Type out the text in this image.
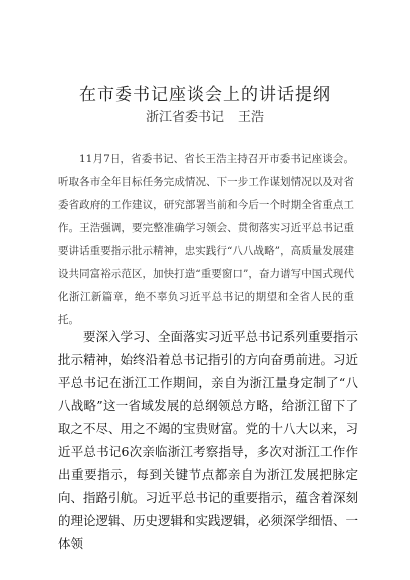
在市委书记座谈会上的讲话提纲

浙江省委书记 王浩

11月7日，省委书记、省长王浩主持召开市委书记座谈会。听取各市全年目标任务完成情况、下一步工作谋划情况以及对省委省政府的工作建议，研究部署当前和今后一个时期全省重点工作。王浩强调，要完整准确学习领会、贯彻落实习近平总书记重要讲话重要指示批示精神，忠实践行“八八战略”，高质量发展建设共同富裕示范区，加快打造“重要窗口”，奋力谱写中国式现代化浙江新篇章，绝不辜负习近平总书记的期望和全省人民的重托。

要深入学习、全面落实习近平总书记系列重要指示批示精神，始终沿着总书记指引的方向奋勇前进。习近平总书记在浙江工作期间，亲自为浙江量身定制了“八八战略”这一省域发展的总纲领总方略，给浙江留下了取之不尽、用之不竭的宝贵财富。党的十八大以来，习近平总书记6次亲临浙江考察指导，多次对浙江工作作出重要指示，每到关键节点都亲自为浙江发展把脉定向、指路引航。习近平总书记的重要指示，蕴含着深刻的理论逻辑、历史逻辑和实践逻辑，必须深学细悟、一体领
